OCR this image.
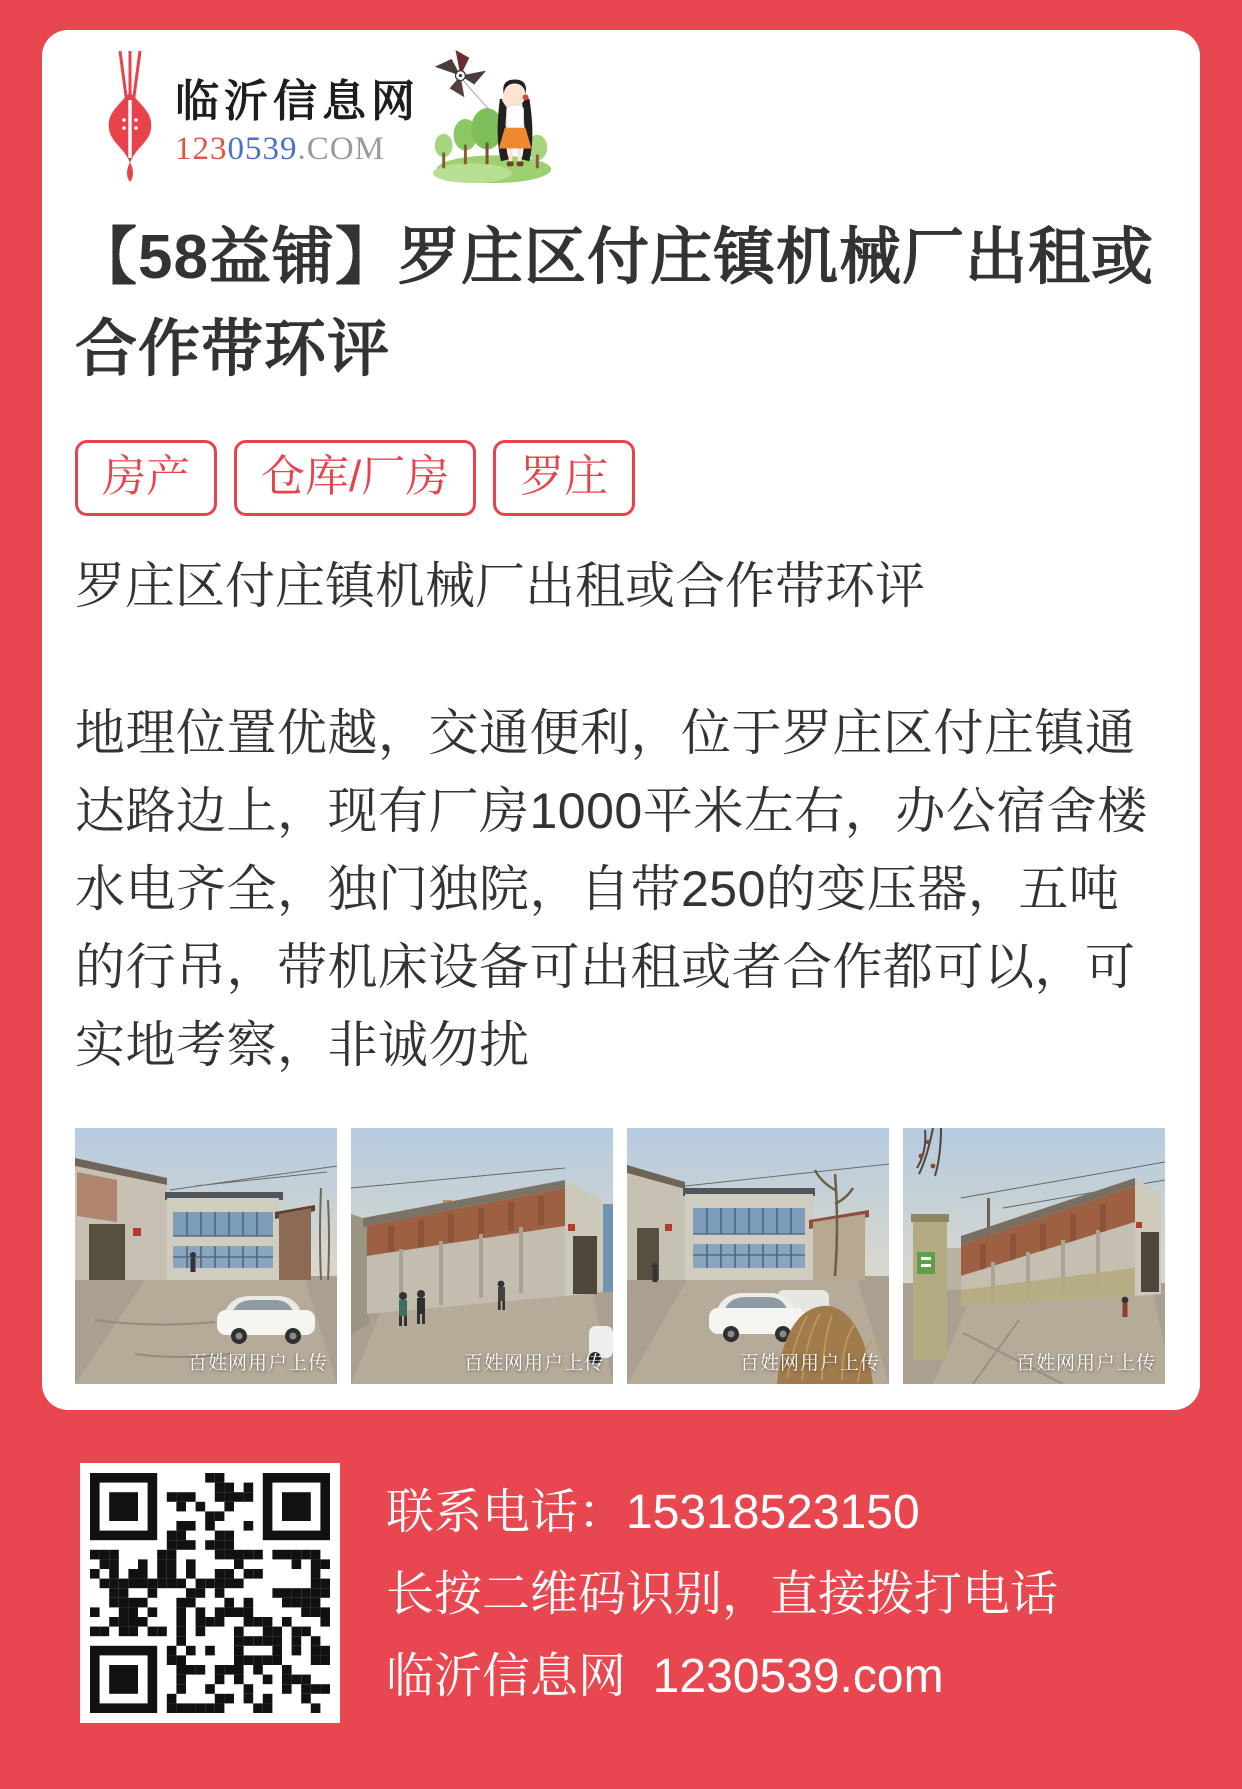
临沂信息网
1230539.COM
【58益铺】罗庄区付庄镇机械厂出租或合作带环评
房产	仓库/厂房	罗庄

罗庄区付庄镇机械厂出租或合作带环评

地理位置优越，交通便利，位于罗庄区付庄镇通达路边上，现有厂房1000平米左右，办公宿舍楼水电齐全，独门独院，自带250的变压器，五吨的行吊，带机床设备可出租或者合作都可以，可实地考察，非诚勿扰

百姓网用户上传	百姓网用户上传	百姓网用户上传	百姓网用户上传
联系电话：15318523150
长按二维码识别，直接拨打电话
临沂信息网  1230539.com
